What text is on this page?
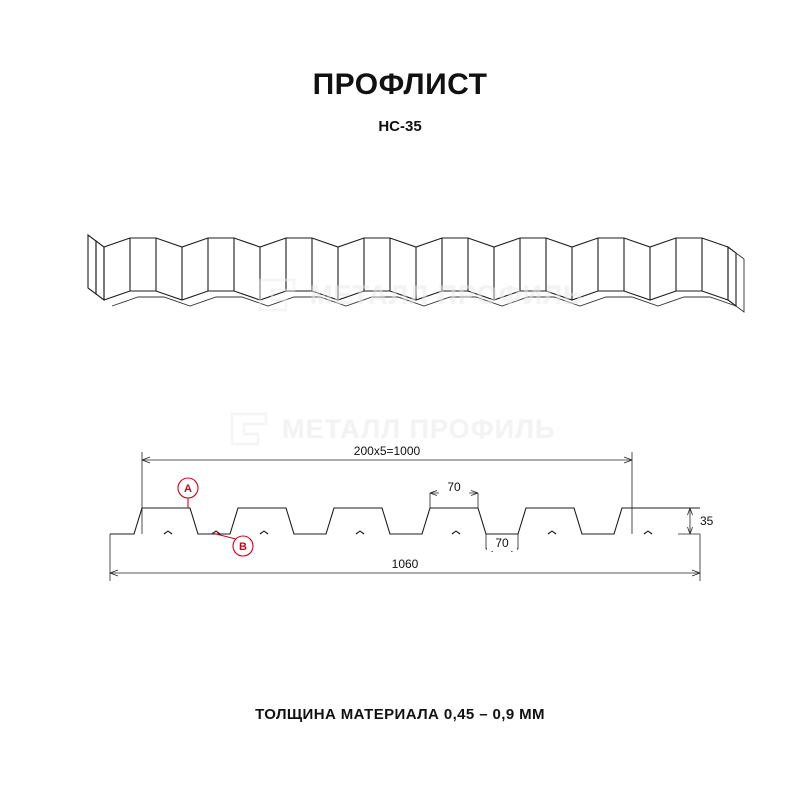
ПРОФЛИСТ
НС-35
200x5=1000
70
70
35
1060
A
B
МЕТАЛЛ ПРОФИЛЬ
МЕТАЛЛ ПРОФИЛЬ
ТОЛЩИНА МАТЕРИАЛА 0,45 – 0,9 ММ
